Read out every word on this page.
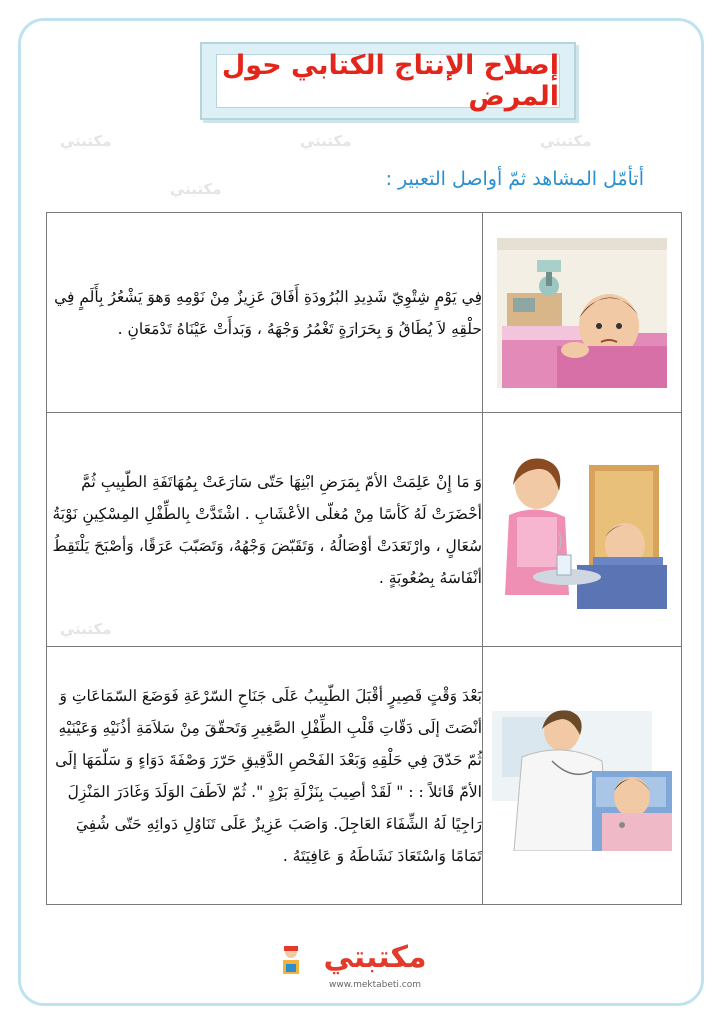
إصلاح الإنتاج الكتابي حول المرض
أتأمّل المشاهد ثمّ أواصل التعبير :
مكتبتي	مكتبتي	مكتبتي
مكتبتي
مكتبتي
فِي يَوْمٍ شِتْوِيّ شَدِيدِ البُرُودَةِ أَفَاقَ عَزِيزٌ مِنْ نَوْمِهِ وَهوَ يَشْعُرُ بِأَلَمٍ فِي حلْقِهِ لاَ يُطَاقُ وَ بِحَرَارَةٍ تَغْمُرُ وَجْهَهُ ، وَبَدأَتْ عَيْنَاهُ تَدْمَعَانِ .	

وَ مَا إِنْ عَلِمَتْ الأمّ بِمَرَضِ ابْنِهَا حَتّى سَارَعَتْ بِمُهَاتَفَةِ الطّبِيبِ ثُمَّ أحْضَرَتْ لَهُ كَأسًا مِنْ مُغلّى الأعْشَابِ . اشْتَدَّتْ بِالطِّفْلِ المِسْكِينِ نَوْبَةُ سُعَالٍ ، وارْتَعَدَتْ أوْصَالُهُ ، وَتَقَبّضَ وَجْهُهُ، وَتَصَبّبَ عَرَقًا، وَأصْبَحَ يَلْتَقِطُ أنْفَاسَهُ بِصُعُوبَةٍ .	

بَعْدَ وَقْتٍ قَصِيرٍ أقْبَلَ الطّبِيبُ عَلَى جَنَاحِ السّرْعَةِ فَوَضَعَ السّمَاعَاتِ وَ أنْصَتَ إلَى دَقّاتِ قَلْبِ الطِّفْلِ الصَّغِيرِ وَتَحقّقَ مِنْ سَلاَمَةِ أذُنَيْهِ وَعَيْنَيْهِ ثُمّ حَدّقَ فِي حَلْقِهِ وَبَعْدَ الفَحْصِ الدَّقِيقِ حَرّرَ وَصْفَةَ دَوَاءٍ وَ سَلّمَهَا إلَى الأمّ قَائلاً : : " لَقَدْ أصِيبَ بِنَزْلَةِ بَرْدٍ ". ثُمّ لاَطَفَ الوَلَدَ وَغَادَرَ المَنْزِلَ رَاجِيًا لَهُ الشِّفَاءَ العَاجِلَ. وَاصَبَ عَزِيزٌ عَلَى تَنَاوُلِ دَوائِهِ حَتّى شُفِيَ تَمَامًا وَاسْتَعَادَ نَشَاطَهُ وَ عَافِيَتَهُ .	
مكتبتي
www.mektabeti.com
